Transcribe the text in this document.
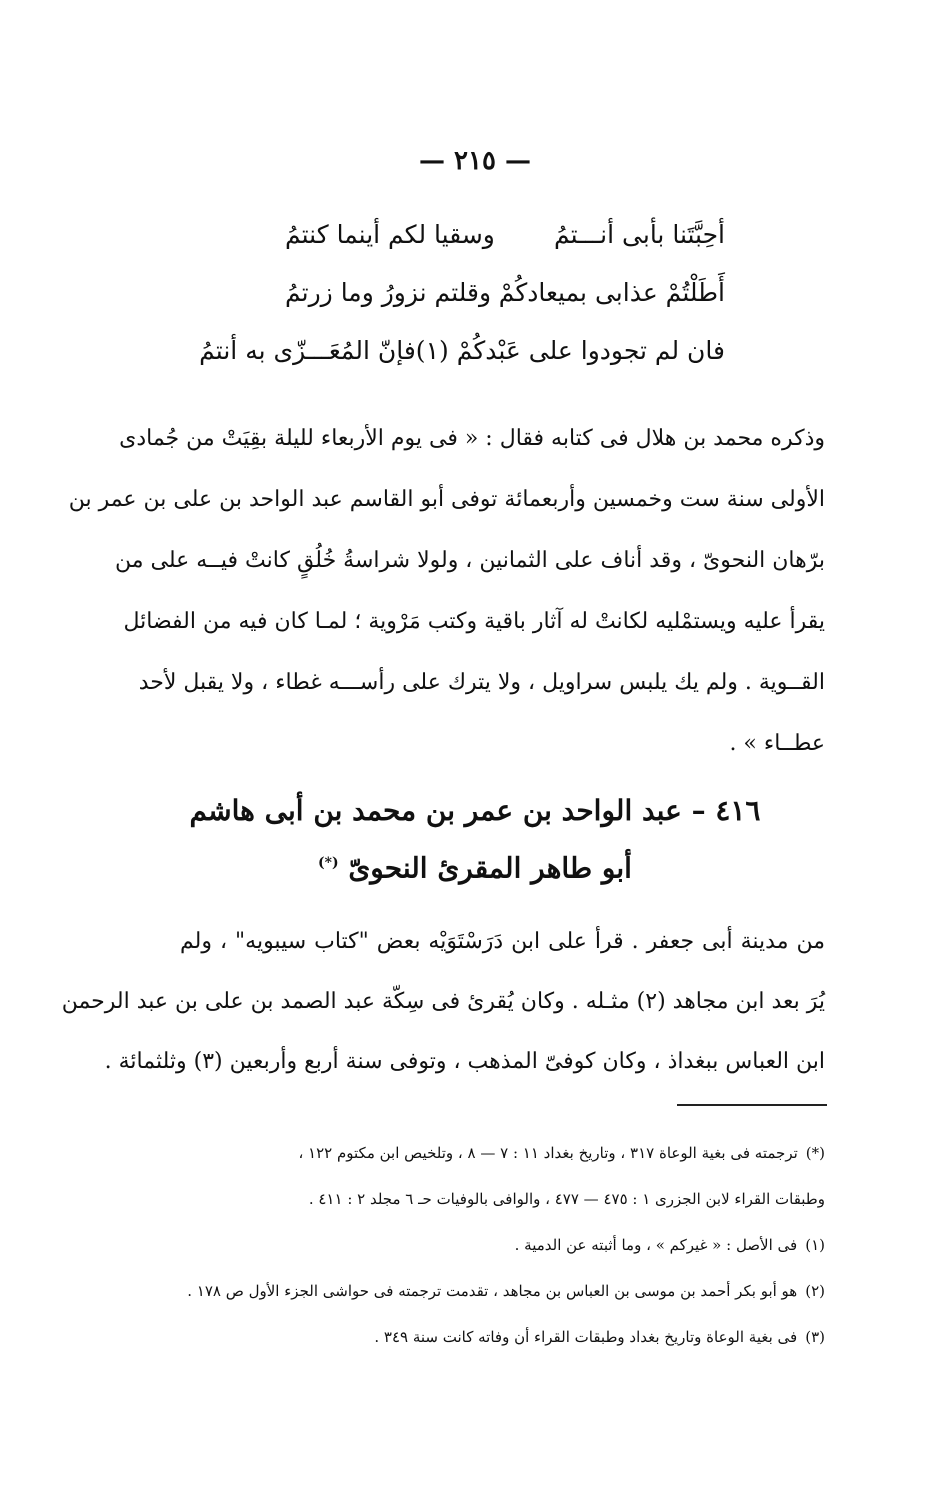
— ٢١٥ —
أحِبَّتَنا بأبى أنـــتمُ
وسقيا لكم أينما كنتمُ
أَطَلْتُمْ عذابى بميعادكُمْ
وقلتم نزورُ وما زرتمُ
فان لم تجودوا على عَبْدكُمْ (١)
فإنّ المُعَـــزّى به أنتمُ
وذكره محمد بن هلال فى كتابه فقال : « فى يوم الأربعاء لليلة بقِيَتْ من جُمادى
الأولى سنة ست وخمسين وأربعمائة توفى أبو القاسم عبد الواحد بن على بن عمر بن
برّهان النحوىّ ، وقد أناف على الثمانين ، ولولا شراسةُ خُلُقٍ كانتْ فيــه على من
يقرأ عليه ويستمْليه لكانتْ له آثار باقية وكتب مَرْوية ؛ لمـا كان فيه من الفضائل
القــوية . ولم يك يلبس سراويل ، ولا يترك على رأســـه غطاء ، ولا يقبل لأحد
عطــاء » .
٤١٦ – عبد الواحد بن عمر بن محمد بن أبى هاشم
أبو طاهر المقرئ النحوىّ (*)
من مدينة أبى جعفر . قرأ على ابن دَرَسْتَوَيْه بعض "كتاب سيبويه" ، ولم
يُرَ بعد ابن مجاهد (٢) مثـله . وكان يُقرئ فى سِكّة عبد الصمد بن على بن عبد الرحمن
ابن العباس ببغداذ ، وكان كوفىّ المذهب ، وتوفى سنة أربع وأربعين (٣) وثلثمائة .
(*)ترجمته فى بغية الوعاة ٣١٧ ، وتاريخ بغداد ١١ : ٧ — ٨ ، وتلخيص ابن مكتوم ١٢٢ ،
وطبقات القراء لابن الجزرى ١ : ٤٧٥ — ٤٧٧ ، والوافى بالوفيات حـ ٦ مجلد ٢ : ٤١١ .
(١)فى الأصل : « غيركم » ، وما أثبته عن الدمية .
(٢)هو أبو بكر أحمد بن موسى بن العباس بن مجاهد ، تقدمت ترجمته فى حواشى الجزء الأول ص ١٧٨ .
(٣)فى بغية الوعاة وتاريخ بغداد وطبقات القراء أن وفاته كانت سنة ٣٤٩ .
